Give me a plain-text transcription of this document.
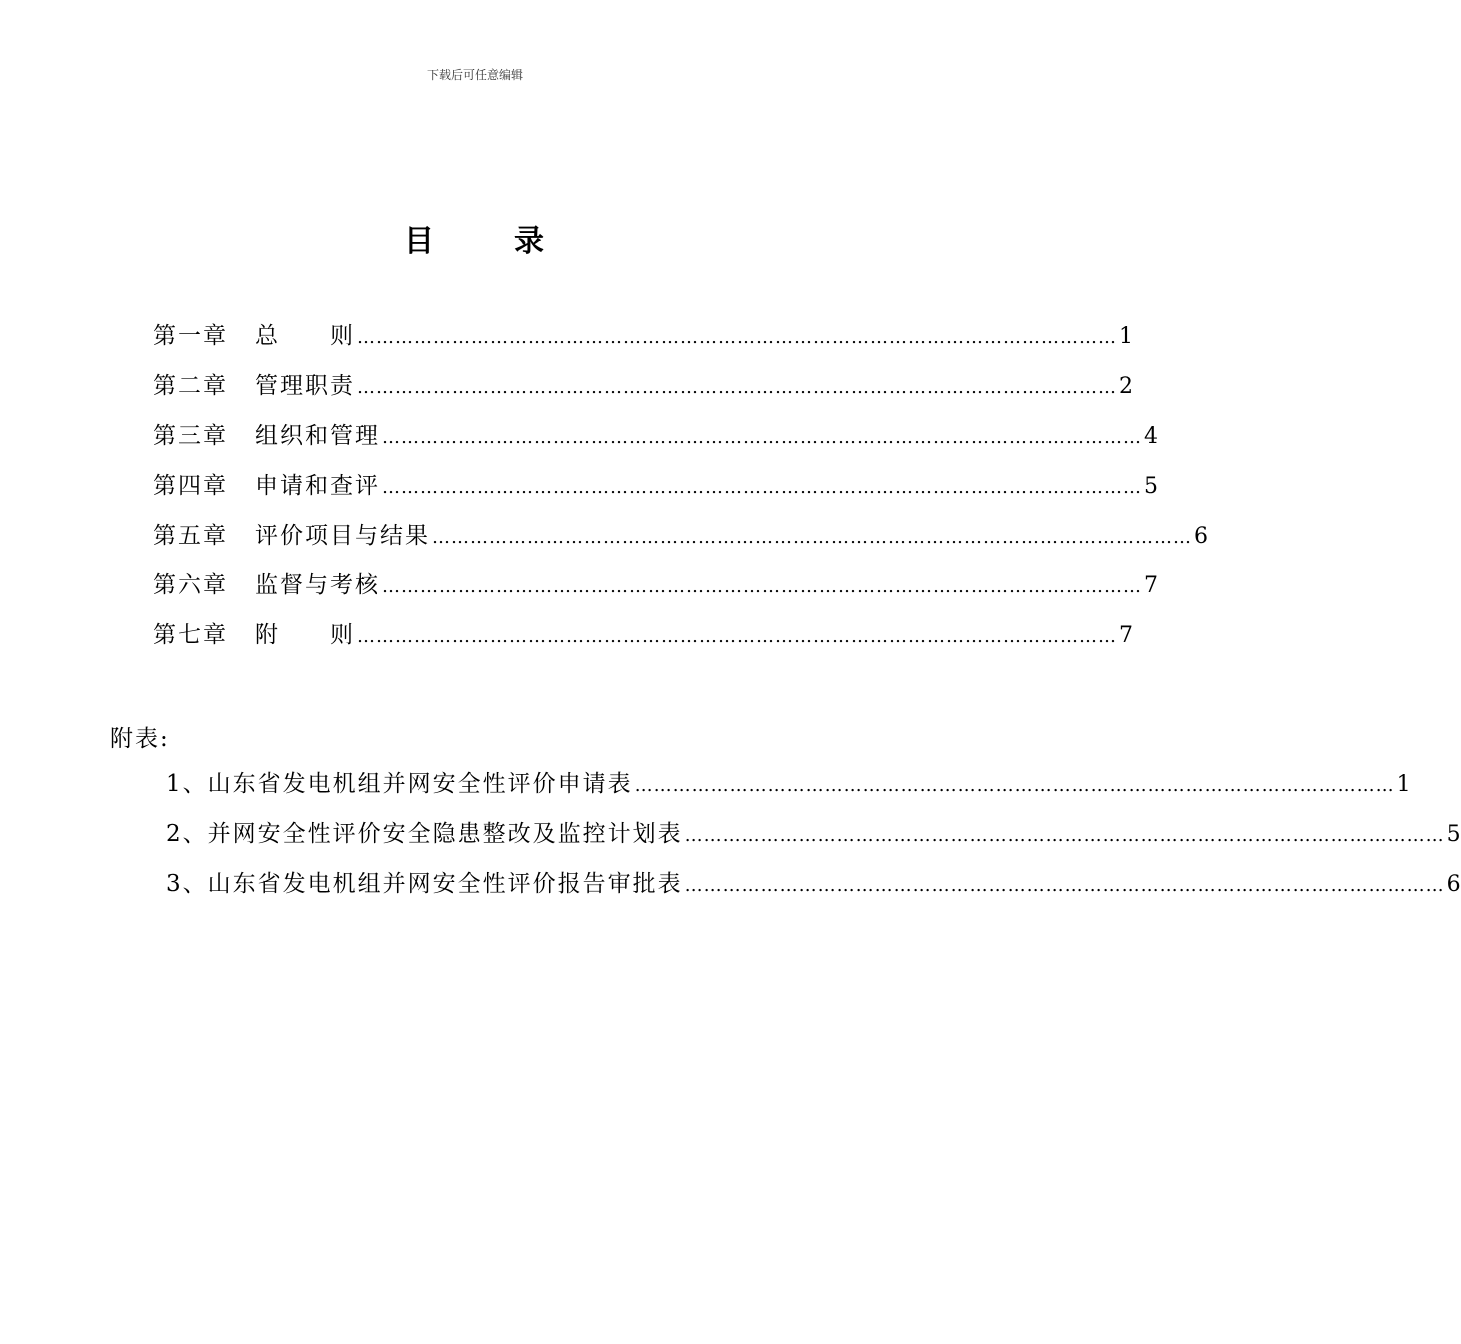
下载后可任意编辑
目	录
第一章 总　　则 ………………………………………………………………………………………………………… 1
第二章 管理职责 ………………………………………………………………………………………………………… 2
第三章 组织和管理 ………………………………………………………………………………………………………… 4
第四章 申请和查评 ………………………………………………………………………………………………………… 5
第五章 评价项目与结果 ………………………………………………………………………………………………………… 6
第六章 监督与考核 ………………………………………………………………………………………………………… 7
第七章 附　　则 ………………………………………………………………………………………………………… 7
附表:
1、山东省发电机组并网安全性评价申请表 ………………………………………………………………………………………………………… 1
2、并网安全性评价安全隐患整改及监控计划表 ………………………………………………………………………………………………………… 5
3、山东省发电机组并网安全性评价报告审批表 ………………………………………………………………………………………………………… 6
